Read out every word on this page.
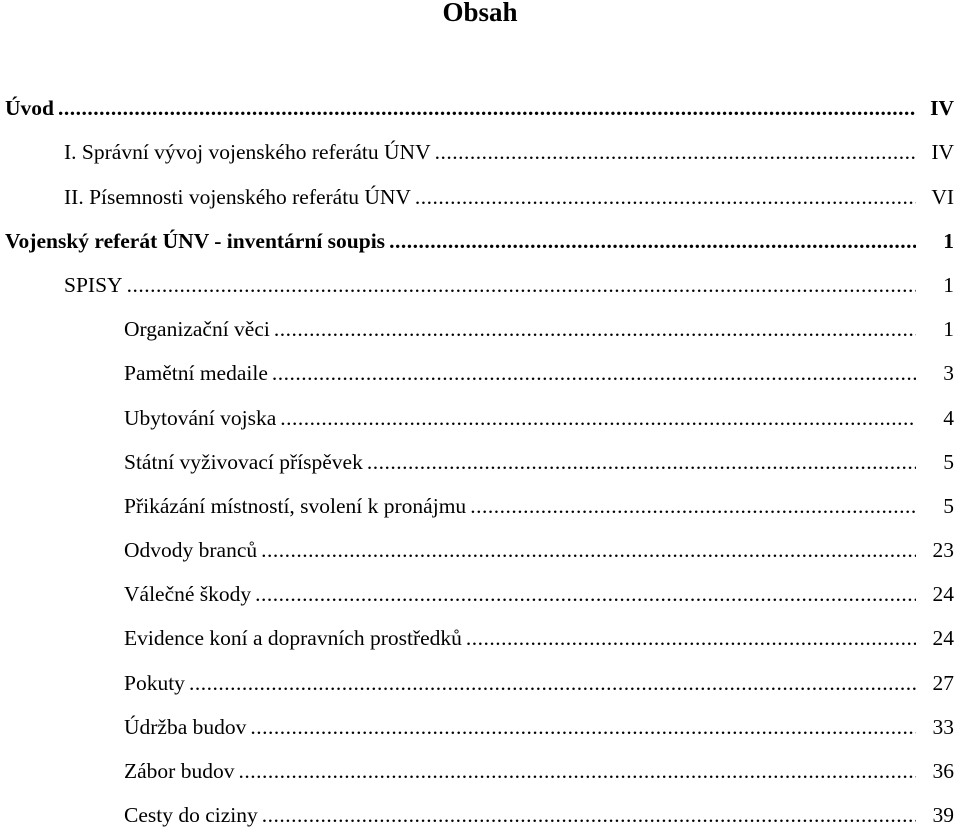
Obsah
Úvod .....	IV
I. Správní vývoj vojenského referátu ÚNV .....	IV
II. Písemnosti vojenského referátu ÚNV .....	VI
Vojenský referát ÚNV - inventární soupis .....	1
SPISY .....	1
Organizační věci .....	1
Pamětní medaile .....	3
Ubytování vojska .....	4
Státní vyživovací příspěvek .....	5
Přikázání místností, svolení k pronájmu .....	5
Odvody branců .....	23
Válečné škody .....	24
Evidence koní a dopravních prostředků .....	24
Pokuty .....	27
Údržba budov .....	33
Zábor budov .....	36
Cesty do ciziny .....	39
